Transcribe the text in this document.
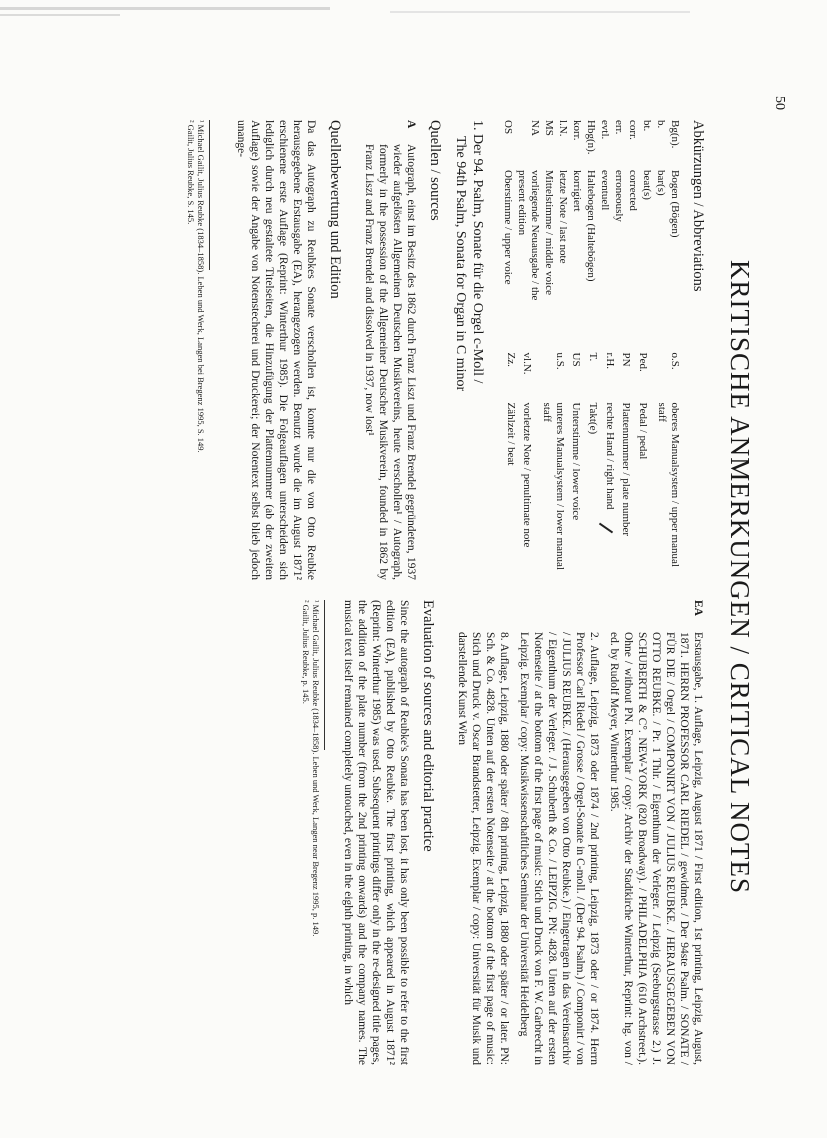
50
KRITISCHE ANMERKUNGEN / CRITICAL NOTES
Abkürzungen / Abbreviations
Bg(n).	Bogen (Bögen)
b.	bar(s)
bt.	beat(s)
corr.	corrected
err.	erroneously
evtl.	eventuell
Hbg(n).	Haltebogen (Haltebögen)
korr.	korrigiert
l.N.	letzte Note / last note
MS	Mittelstimme / middle voice
NA	vorliegende Neuausgabe / the present edition
OS	Oberstimme / upper voice
o.S.	oberes Manualsystem / upper manual staff
Ped.	Pedal / pedal
PN	Plattennummer / plate number
r.H.	rechte Hand / right hand
T.	Takt(e)
US	Unterstimme / lower voice
u.S.	unteres Manualsystem / lower manual staff
vl.N.	vorletzte Note / penultimate note
Zz.	Zählzeit / beat
1. Der 94. Psalm, Sonate für die Orgel c-Moll /
The 94th Psalm, Sonata for Organ in C minor
Quellen / sources
A
Autograph, einst im Besitz des 1862 durch Franz Liszt und Franz Brendel gegründeten, 1937 wieder aufgelösten Allgemeinen Deutschen Musikvereins, heute verschollen¹ / Autograph, formerly in the possession of the Allgemeiner Deutscher Musikverein, founded in 1862 by Franz Liszt and Franz Brendel and dissolved in 1937, now lost¹
Quellenbewertung und Edition

Da das Autograph zu Reubkes Sonate verschollen ist, konnte nur die von Otto Reubke herausgegebene Erstausgabe (EA), herangezogen werden. Benutzt wurde die im August 1871² erschienene erste Auflage (Reprint: Winterthur 1985). Die Folgeauflagen unterscheiden sich lediglich durch neu gestaltete Titelseiten, die Hinzufügung der Plattennummer (ab der zweiten Auflage) sowie der Angabe von Notenstecherei und Druckerei; der Notentext selbst blieb jedoch unange-

¹ Michael Gailit, Julius Reubke (1834–1858). Leben und Werk, Langen bei Bregenz 1995, S. 149.
² Gailit, Julius Reubke, S. 145.
EA
Erstausgabe, 1. Auflage, Leipzig, August 1871 / First edition, 1st printing, Leipzig, August, 1871. HERRN PROFESSOR CARL RIEDEL / gewidmet. / Der 94ste Psalm. / SONATE / FÜR DIE / Orgel / COMPONIRT VON / JULIUS REUBKE. / HERAUSGEGEBEN VON OTTO REUBKE. / Pr. 1 Thlr. / Eigenthum der Verleger. / Leipzig (Seeburgstrasse 2.) J. SCHUBERTH & C°. NEW-YORK (820 Broadway). / PHILADELPHIA (610 Archstreet.). Ohne / without PN. Exemplar / copy: Archiv der Stadtkirche Winterthur, Reprint: hg. von / ed. by Rudolf Meyer, Winterthur 1985.
2. Auflage, Leipzig, 1873 oder 1874 / 2nd printing, Leipzig, 1873 oder / or 1874. Herrn Professor Carl Riedel / Grosse / Orgel-Sonate in C-moll. / (Der 94. Psalm.) / Componirt / von / JULIUS REUBKE. / (Herausgegeben von Otto Reubke.) / Eingetragen in das Vereinsarchiv / Eigenthum der Verleger. / J. Schuberth & Co. / LEIPZIG. PN: 4828. Unten auf der ersten Notenseite / at the bottom of the first page of music: Stich und Druck von F. W. Garbrecht in Leipzig. Exemplar / copy: Musikwissenschaftliches Seminar der Universität Heidelberg
8. Auflage, Leipzig, 1880 oder später / 8th printing, Leipzig, 1880 oder später / or later. PN: Sch. & Co. 4828. Unten auf der ersten Notenseite / at the bottom of the first page of music: Stich und Druck v. Oscar Brandstetter, Leipzig. Exemplar / copy: Universität für Musik und darstellende Kunst Wien
Evaluation of sources and editorial practice

Since the autograph of Reubke's Sonata has been lost, it has only been possible to refer to the first edition (EA), published by Otto Reubke. The first printing, which appeared in August 1871² (Reprint: Winterthur 1985) was used. Subsequent printings differ only in the re-designed title pages, the addition of the plate number (from the 2nd printing onwards) and the company names. The musical text itself remained completely untouched, even in the eighth printing, in which

¹ Michael Gailit, Julius Reubke (1834–1858). Leben und Werk, Langen near Bregenz 1995, p. 149.
² Gailit, Julius Reubke, p. 145.
